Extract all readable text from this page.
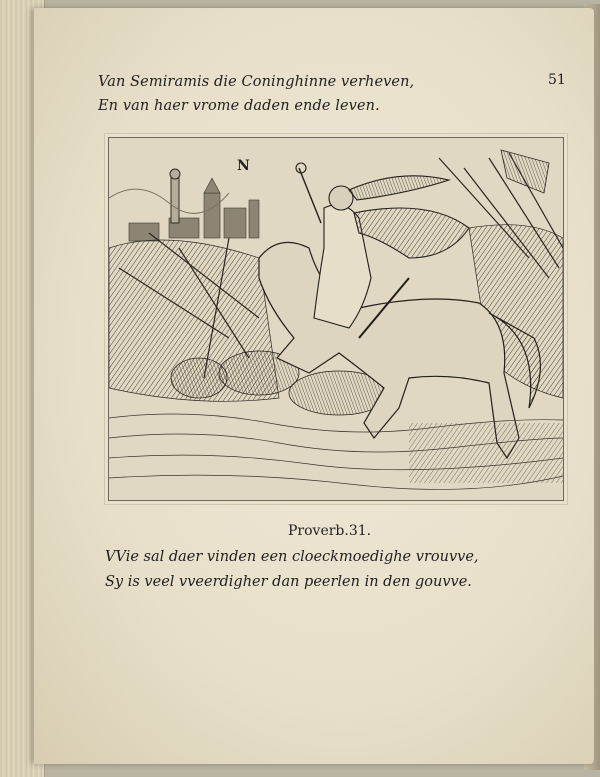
Van Semiramis die Coninghinne verheven,
En van haer vrome daden ende leven.
51
N
Proverb.31.
VVie sal daer vinden een cloeckmoedighe vrouvve,
Sy is veel vveerdigher dan peerlen in den gouvve.
